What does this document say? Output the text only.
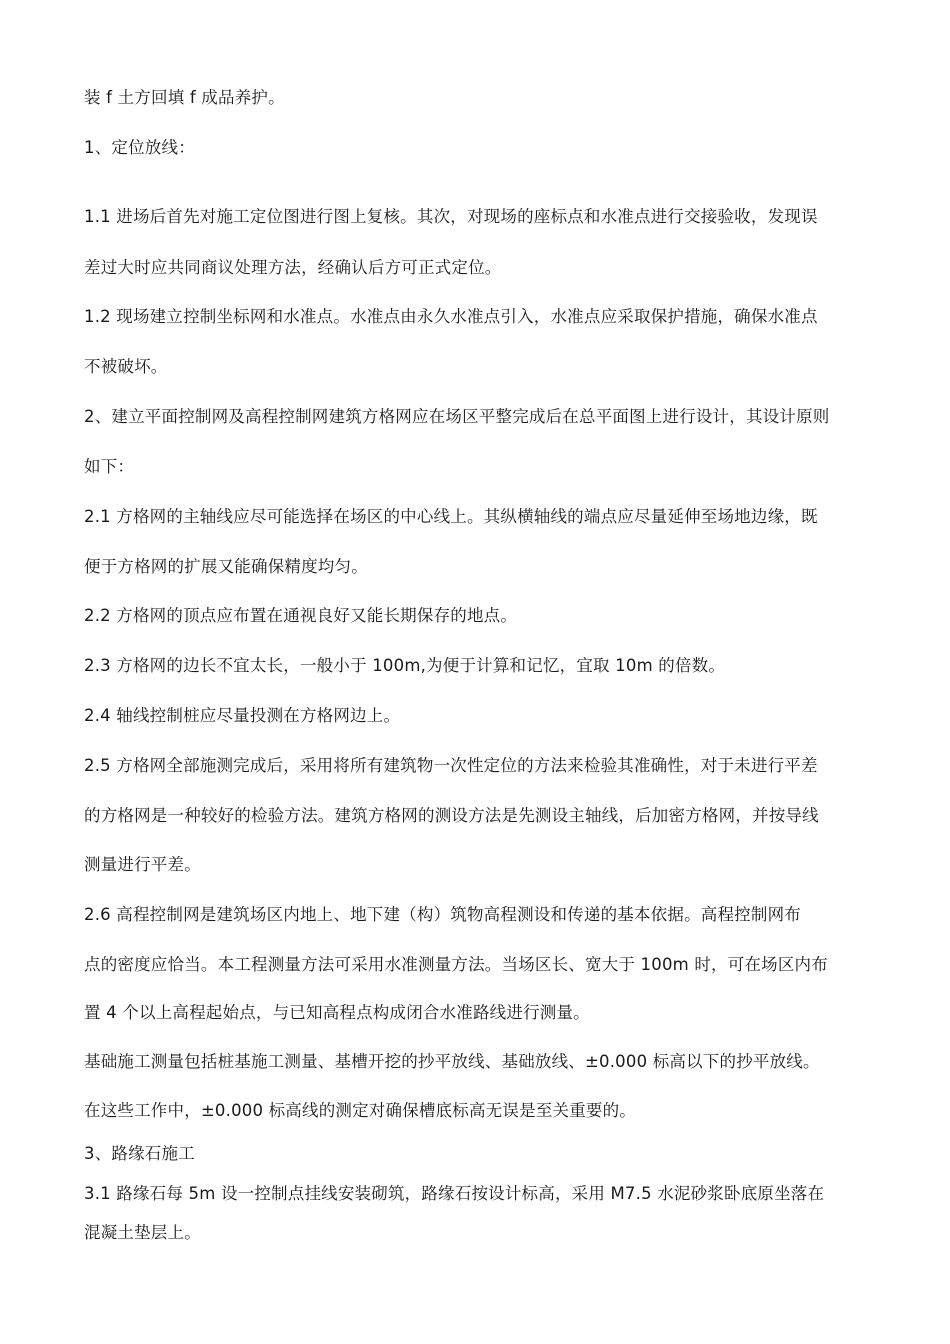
装 f 土方回填 f 成品养护。
1、定位放线：
1.1 进场后首先对施工定位图进行图上复核。其次，对现场的座标点和水准点进行交接验收，发现误
差过大时应共同商议处理方法，经确认后方可正式定位。
1.2 现场建立控制坐标网和水准点。水准点由永久水准点引入，水准点应采取保护措施，确保水准点
不被破坏。
2、建立平面控制网及高程控制网建筑方格网应在场区平整完成后在总平面图上进行设计，其设计原则
如下：
2.1 方格网的主轴线应尽可能选择在场区的中心线上。其纵横轴线的端点应尽量延伸至场地边缘，既
便于方格网的扩展又能确保精度均匀。
2.2 方格网的顶点应布置在通视良好又能长期保存的地点。
2.3 方格网的边长不宜太长，一般小于 100m,为便于计算和记忆，宜取 10m 的倍数。
2.4 轴线控制桩应尽量投测在方格网边上。
2.5 方格网全部施测完成后，采用将所有建筑物一次性定位的方法来检验其准确性，对于未进行平差
的方格网是一种较好的检验方法。建筑方格网的测设方法是先测设主轴线，后加密方格网，并按导线
测量进行平差。
2.6 高程控制网是建筑场区内地上、地下建（构）筑物高程测设和传递的基本依据。高程控制网布
点的密度应恰当。本工程测量方法可采用水准测量方法。当场区长、宽大于 100m 时，可在场区内布
置 4 个以上高程起始点，与已知高程点构成闭合水准路线进行测量。
基础施工测量包括桩基施工测量、基槽开挖的抄平放线、基础放线、±0.000 标高以下的抄平放线。
在这些工作中，±0.000 标高线的测定对确保槽底标高无误是至关重要的。
3、路缘石施工
3.1 路缘石每 5m 设一控制点挂线安装砌筑，路缘石按设计标高，采用 M7.5 水泥砂浆卧底原坐落在
混凝土垫层上。
